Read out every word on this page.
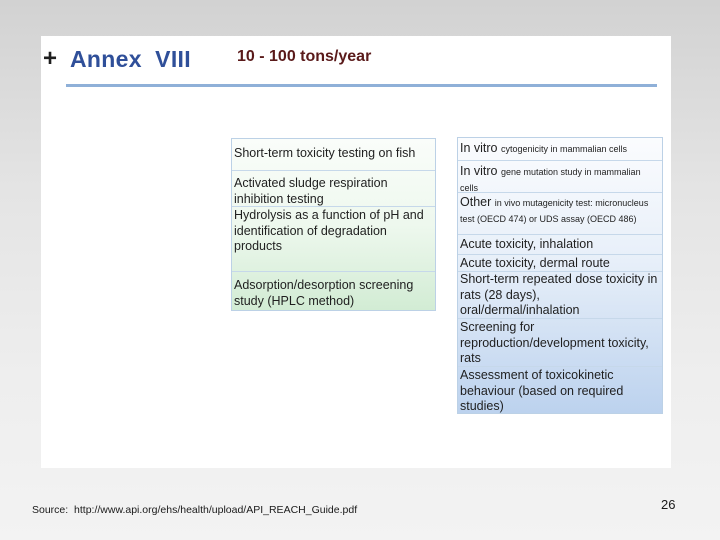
+ Annex  VIII	10 - 100 tons/year
Short-term toxicity testing on fish
Activated sludge respiration inhibition testing
Hydrolysis as a function of pH and identification of degradation products
Adsorption/desorption screening study (HPLC method)
In vitro cytogenicity in mammalian cells
In vitro gene mutation study in mammalian cells
Other in vivo mutagenicity test: micronucleus test (OECD 474) or UDS assay (OECD 486)
Acute toxicity, inhalation
Acute toxicity, dermal route
Short-term repeated dose toxicity in rats (28 days), oral/dermal/inhalation
Screening for reproduction/development toxicity, rats
Assessment of toxicokinetic behaviour (based on required studies)
Source:  http://www.api.org/ehs/health/upload/API_REACH_Guide.pdf	26
